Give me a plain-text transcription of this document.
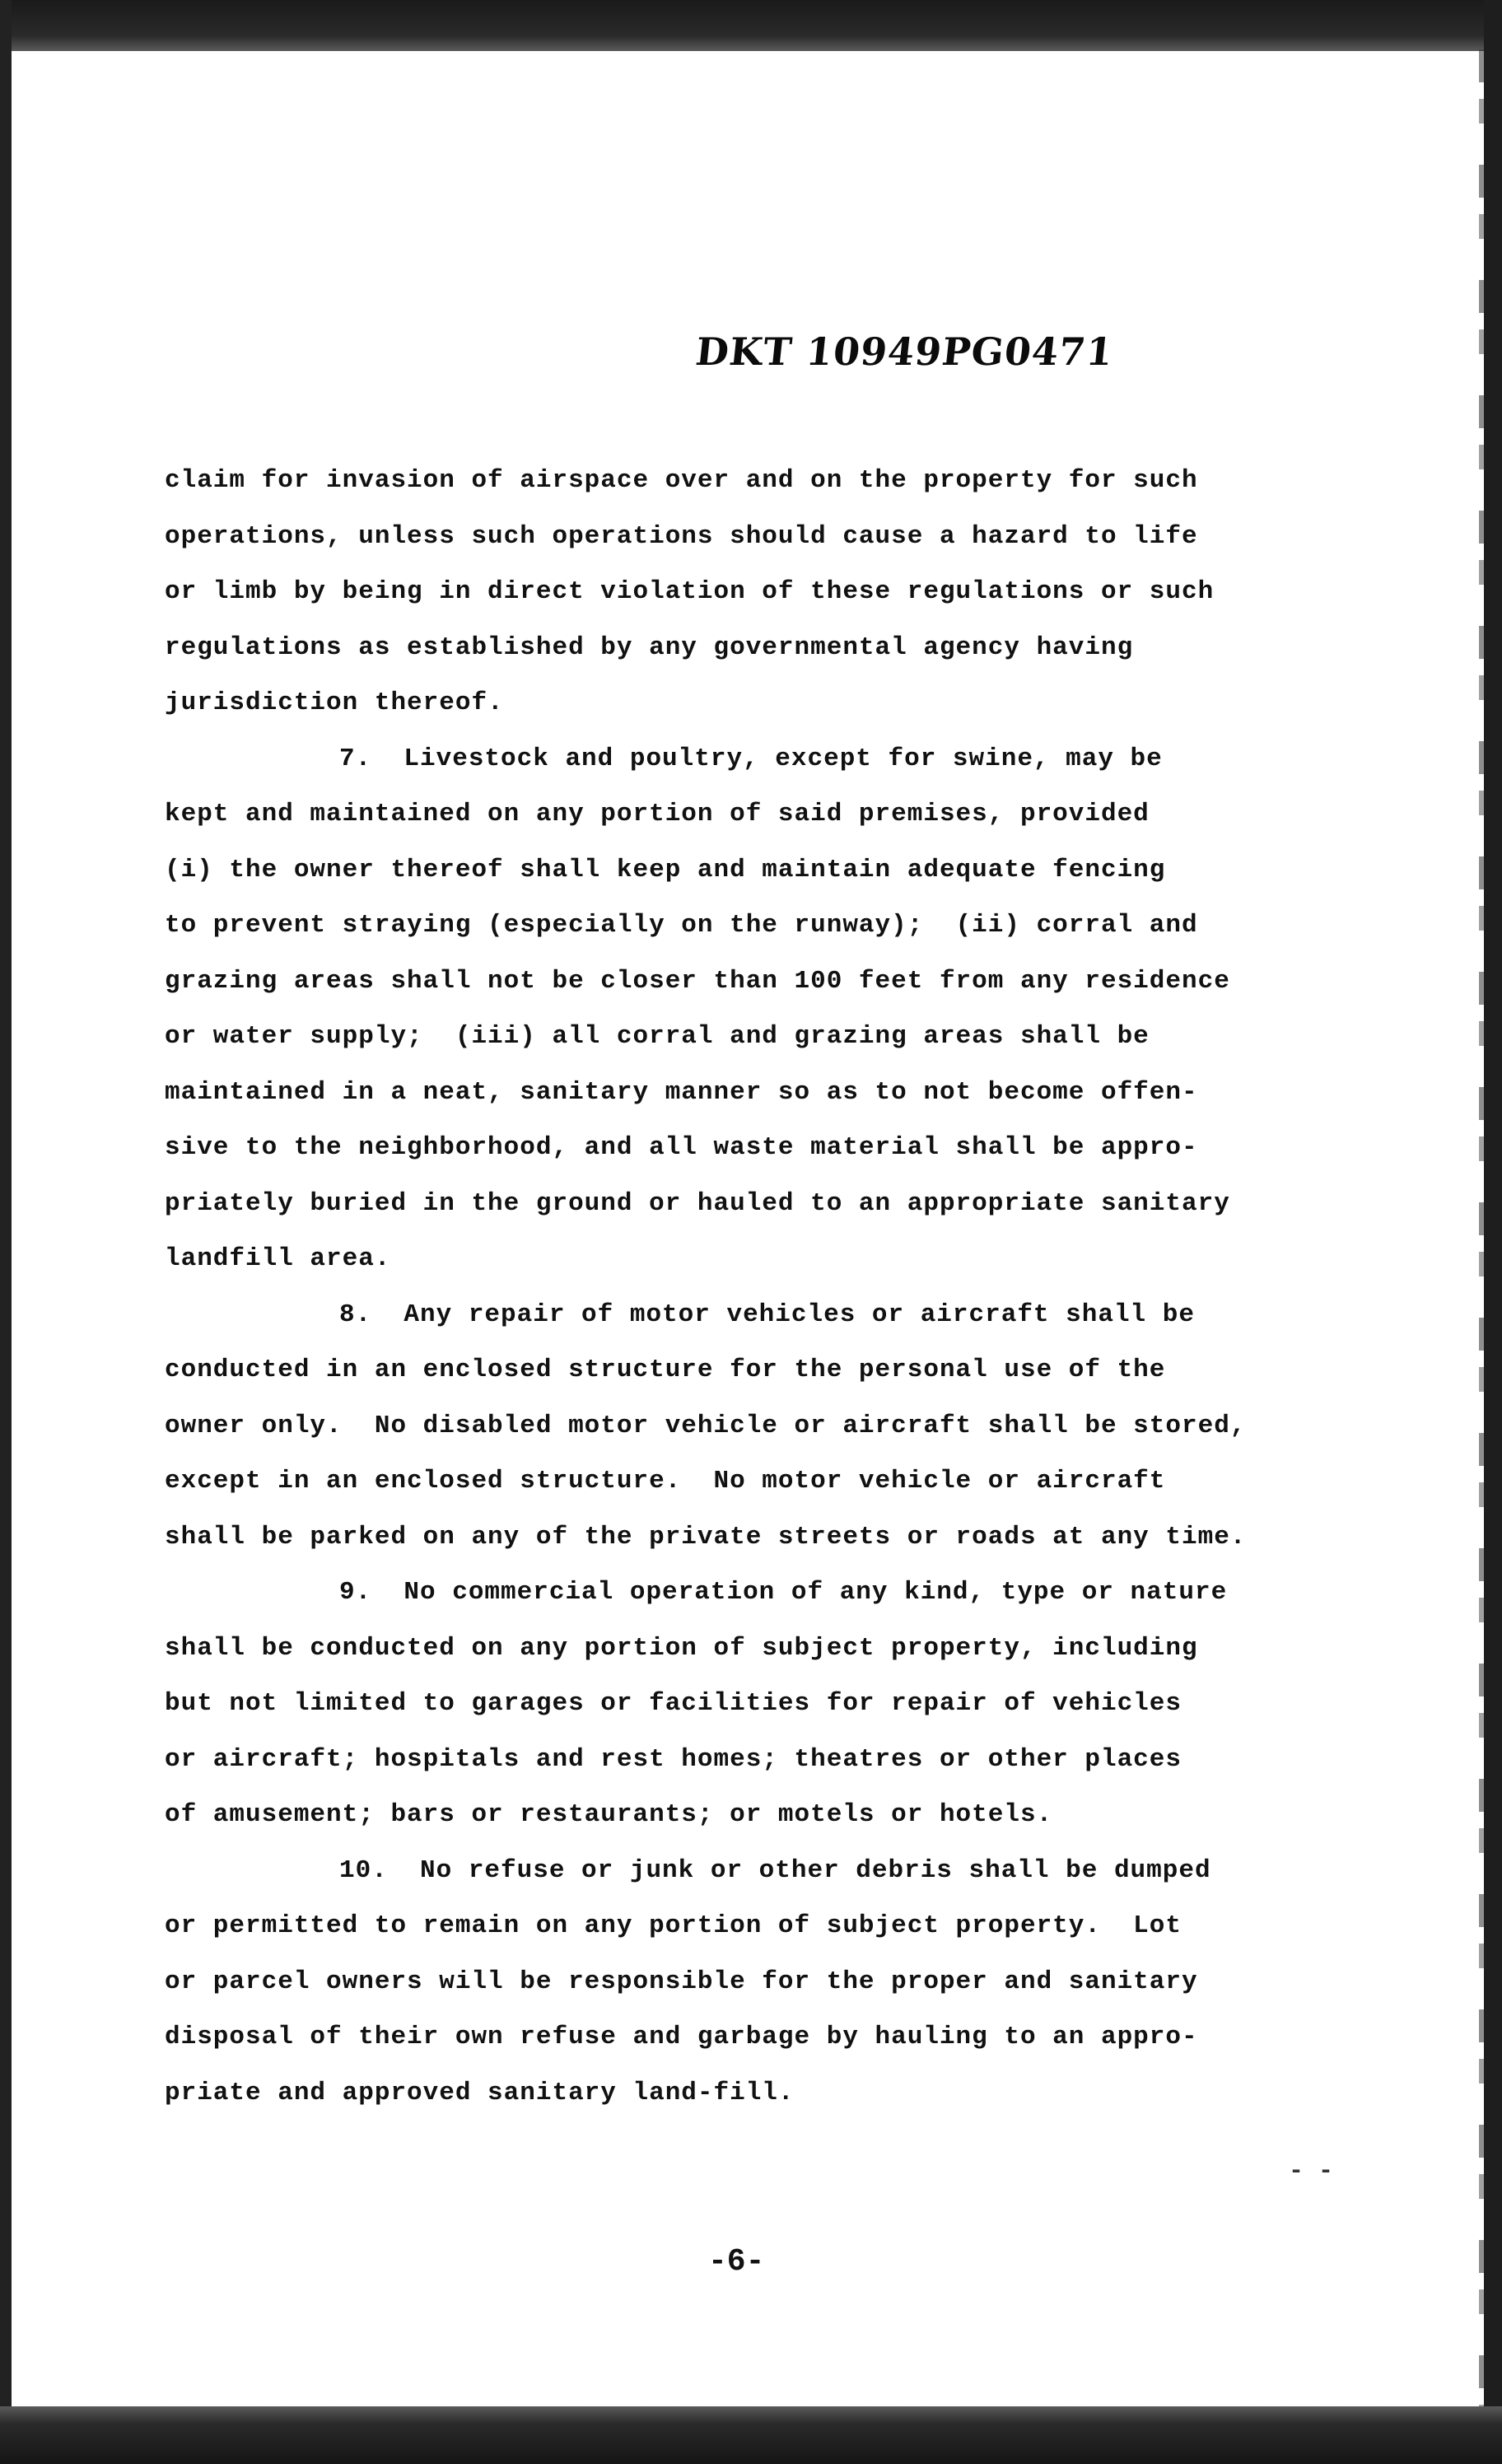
DKT 10949PG0471
claim for invasion of airspace over and on the property for such
operations, unless such operations should cause a hazard to life
or limb by being in direct violation of these regulations or such
regulations as established by any governmental agency having
jurisdiction thereof.
7.  Livestock and poultry, except for swine, may be
kept and maintained on any portion of said premises, provided
(i) the owner thereof shall keep and maintain adequate fencing
to prevent straying (especially on the runway);  (ii) corral and
grazing areas shall not be closer than 100 feet from any residence
or water supply;  (iii) all corral and grazing areas shall be
maintained in a neat, sanitary manner so as to not become offen-
sive to the neighborhood, and all waste material shall be appro-
priately buried in the ground or hauled to an appropriate sanitary
landfill area.
8.  Any repair of motor vehicles or aircraft shall be
conducted in an enclosed structure for the personal use of the
owner only.  No disabled motor vehicle or aircraft shall be stored,
except in an enclosed structure.  No motor vehicle or aircraft
shall be parked on any of the private streets or roads at any time.
9.  No commercial operation of any kind, type or nature
shall be conducted on any portion of subject property, including
but not limited to garages or facilities for repair of vehicles
or aircraft; hospitals and rest homes; theatres or other places
of amusement; bars or restaurants; or motels or hotels.
10.  No refuse or junk or other debris shall be dumped
or permitted to remain on any portion of subject property.  Lot
or parcel owners will be responsible for the proper and sanitary
disposal of their own refuse and garbage by hauling to an appro-
priate and approved sanitary land-fill.
- -
-6-
